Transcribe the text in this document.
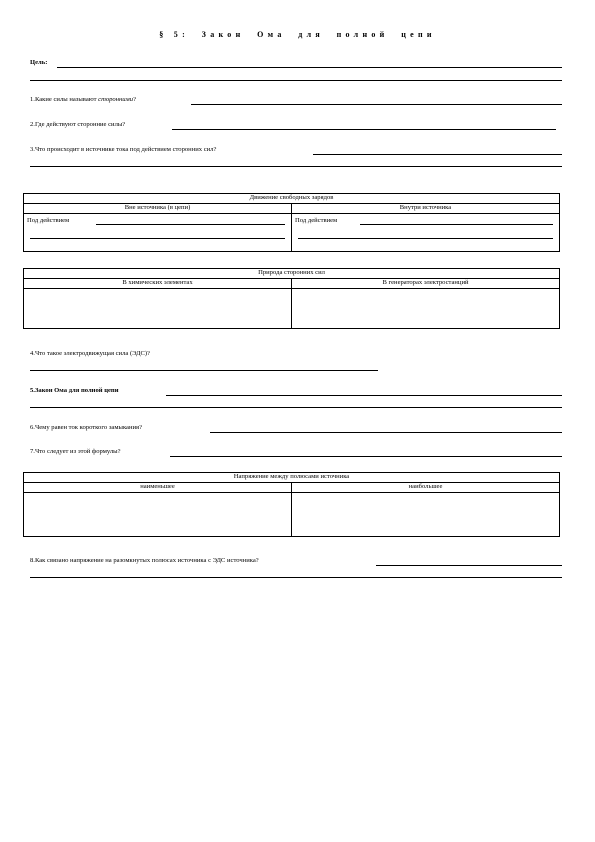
§ 5:  Закон  Ома  для  полной  цепи
Цель:
1.Какие силы называют сторонними?
2.Где действуют сторонние силы?
3.Что происходит в источнике тока под действием сторонних сил?
Движение свободных зарядов	
Вне источника (в цепи)	Внутри источника

Под действием	Под действием
Природа сторонних сил	
В химических элементах	В генераторах электростанций

4.Что такое электродвижущая сила (ЭДС)?
5.Закон Ома для полной цепи
6.Чему равен ток короткого замыкания?
7.Что следует из этой формулы?
Напряжение между полюсами источника	
наименьшее	наибольшее

8.Как связано напряжение на разомкнутых полюсах источника с ЭДС источника?
